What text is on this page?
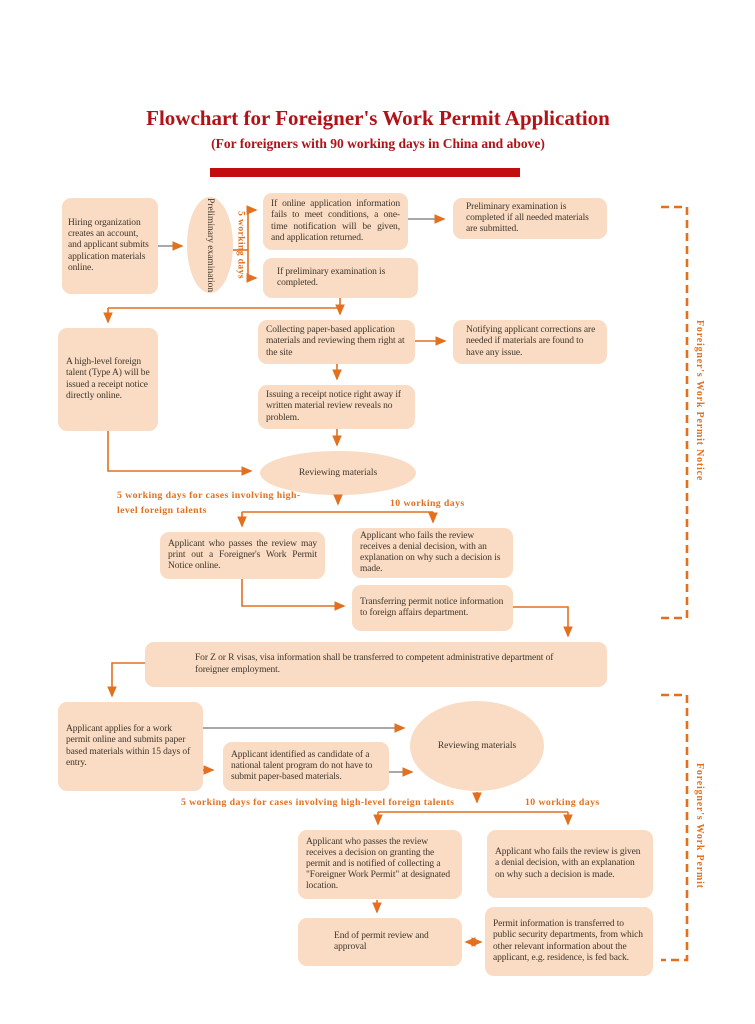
Flowchart for Foreigner's Work Permit Application
(For foreigners with 90 working days in China and above)
Hiring organization creates an account, and applicant submits application materials online.	Preliminary examination 5 working days
If online application information fails to meet conditions, a one-time notification will be given, and application returned.
If preliminary examination is completed.
Preliminary examination is completed if all needed materials are submitted.
A high-level foreign talent (Type A) will be issued a receipt notice directly online.
Collecting paper-based application materials and reviewing them right at the site
Notifying applicant corrections are needed if materials are found to have any issue.
Issuing a receipt notice right away if written material review reveals no problem.
Reviewing materials
5 working days for cases involving high-level foreign talents
10 working days
Applicant who passes the review may print out a Foreigner's Work Permit Notice online.
Applicant who fails the review receives a denial decision, with an explanation on why such a decision is made.
Transferring permit notice information to foreign affairs department.
For Z or R visas, visa information shall be transferred to competent administrative department of foreigner employment.
Applicant applies for a work permit online and submits paper based materials within 15 days of entry.
Applicant identified as candidate of a national talent program do not have to submit paper-based materials.
Reviewing materials
5 working days for cases involving high-level foreign talents	10 working days
Applicant who passes the review receives a decision on granting the permit and is notified of collecting a "Foreigner Work Permit" at designated location.
Applicant who fails the review is given a denial decision, with an explanation on why such a decision is made.
End of permit review and approval
Permit information is transferred to public security departments, from which other relevant information about the applicant, e.g. residence, is fed back.
Foreigner's Work Permit Notice
Foreigner's Work Permit
